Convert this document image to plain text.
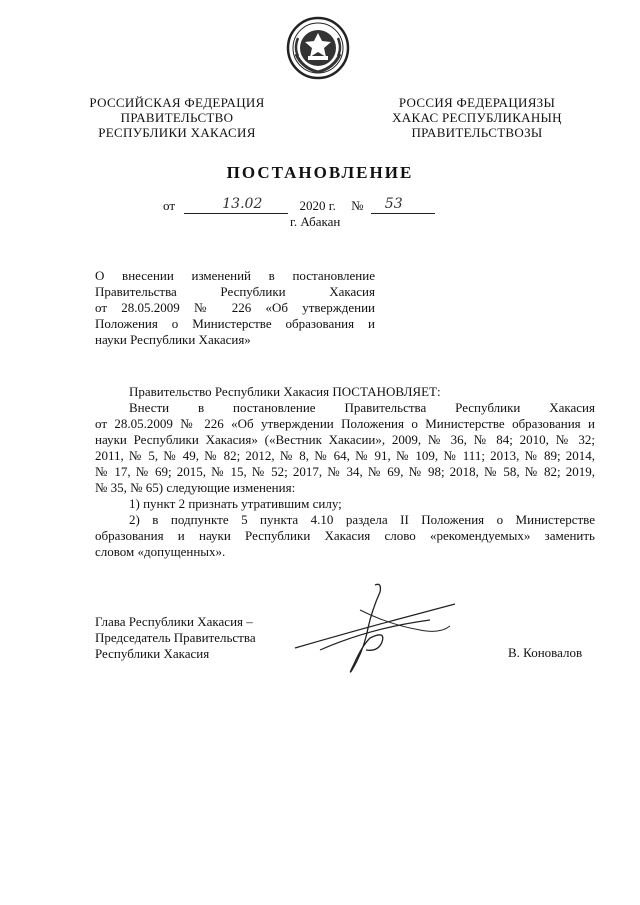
РОССИЙСКАЯ ФЕДЕРАЦИЯ
ПРАВИТЕЛЬСТВО
РЕСПУБЛИКИ ХАКАСИЯ
РОССИЯ ФЕДЕРАЦИЯЗЫ
ХАКАС РЕСПУБЛИКАНЫҢ
ПРАВИТЕЛЬСТВОЗЫ
ПОСТАНОВЛЕНИЕ
от	13.02	2020 г. № 53
г. Абакан
О внесении изменений в постановление
Правительства Республики Хакасия
от 28.05.2009 № 226 «Об утверждении
Положения о Министерстве образования и
науки Республики Хакасия»
Правительство Республики Хакасия ПОСТАНОВЛЯЕТ:
Внести в постановление Правительства Республики Хакасия
от 28.05.2009 № 226 «Об утверждении Положения о Министерстве образования и
науки Республики Хакасия» («Вестник Хакасии», 2009, № 36, № 84; 2010, № 32;
2011, № 5, № 49, № 82; 2012, № 8, № 64, № 91, № 109, № 111; 2013, № 89; 2014,
№ 17, № 69; 2015, № 15, № 52; 2017, № 34, № 69, № 98; 2018, № 58, № 82; 2019,
№ 35, № 65) следующие изменения:
1) пункт 2 признать утратившим силу;
2) в подпункте 5 пункта 4.10 раздела II Положения о Министерстве
образования и науки Республики Хакасия слово «рекомендуемых» заменить
словом «допущенных».
Глава Республики Хакасия –
Председатель Правительства
Республики Хакасия	В. Коновалов
